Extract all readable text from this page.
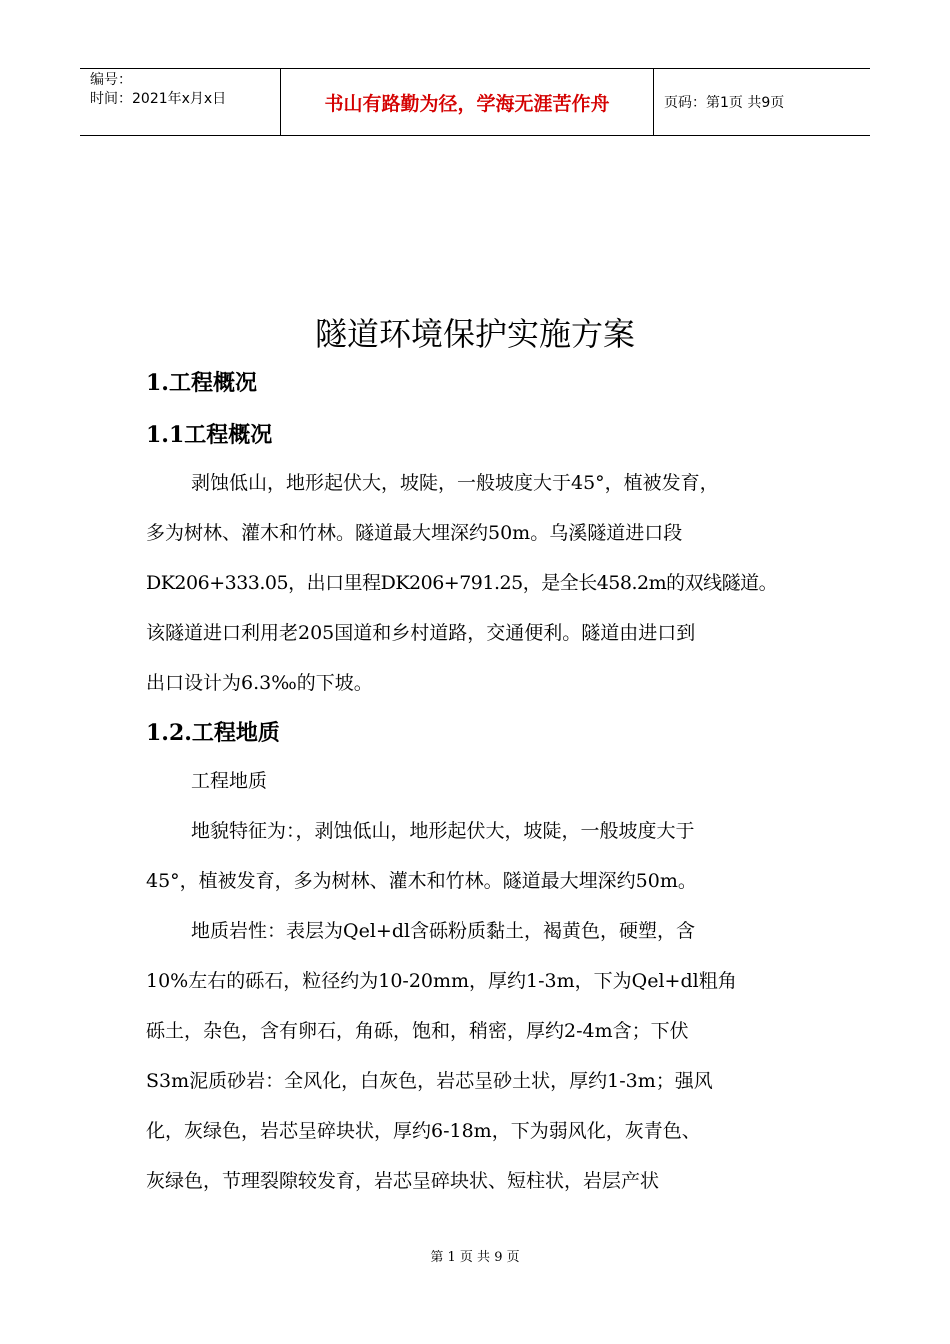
编号：
时间：2021年x月x日	书山有路勤为径，学海无涯苦作舟	页码：第1页 共9页
隧道环境保护实施方案
1.工程概况
1.1工程概况
剥蚀低山，地形起伏大，坡陡，一般坡度大于45°，植被发育，
多为树林、灌木和竹林。隧道最大埋深约50m。乌溪隧道进口段
DK206+333.05，出口里程DK206+791.25，是全长458.2m的双线隧道。
该隧道进口利用老205国道和乡村道路，交通便利。隧道由进口到
出口设计为6.3‰的下坡。
1.2.工程地质
工程地质
地貌特征为：，剥蚀低山，地形起伏大，坡陡，一般坡度大于
45°，植被发育，多为树林、灌木和竹林。隧道最大埋深约50m。
地质岩性：表层为Qel+dl含砾粉质黏土，褐黄色，硬塑，含
10%左右的砾石，粒径约为10-20mm，厚约1-3m，下为Qel+dl粗角
砾土，杂色，含有卵石，角砾，饱和，稍密，厚约2-4m含；下伏
S3m泥质砂岩：全风化，白灰色，岩芯呈砂土状，厚约1-3m；强风
化，灰绿色，岩芯呈碎块状，厚约6-18m，下为弱风化，灰青色、
灰绿色，节理裂隙较发育，岩芯呈碎块状、短柱状，岩层产状
第 1 页 共 9 页
